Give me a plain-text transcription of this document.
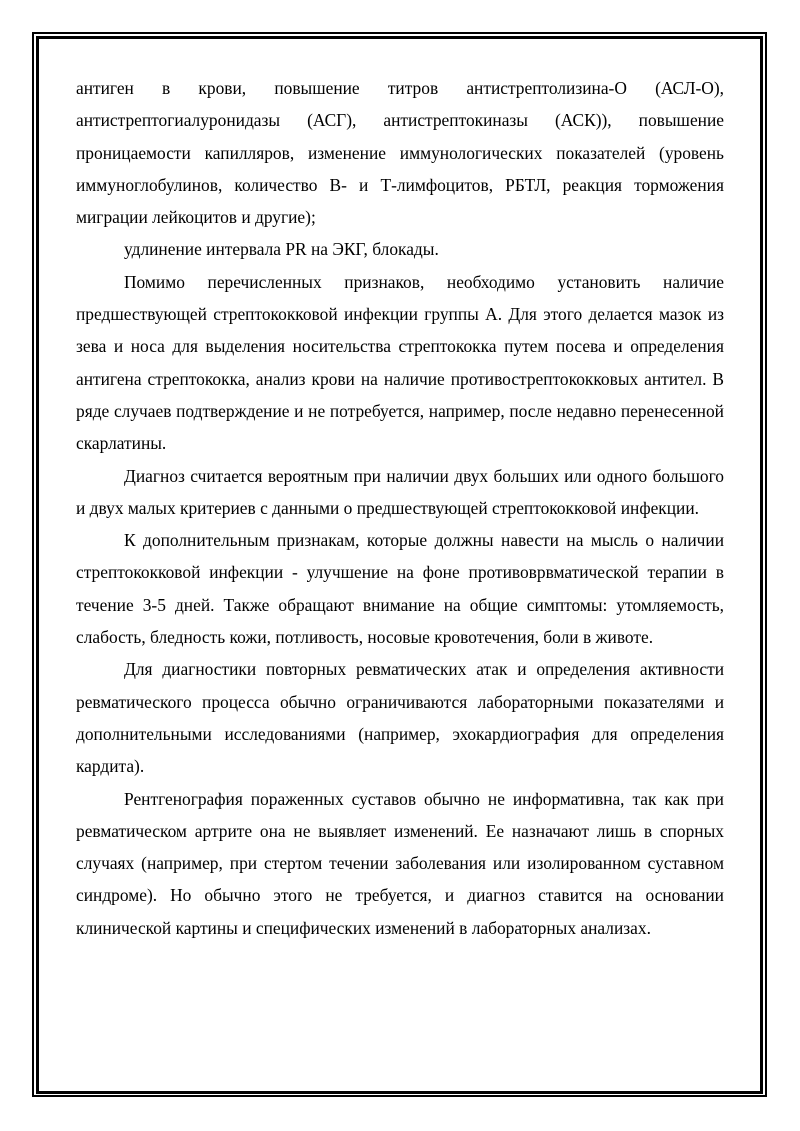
антиген в крови, повышение титров антистрептолизина-О (АСЛ-О), антистрептогиалуронидазы (АСГ), антистрептокиназы (АСК)), повышение проницаемости капилляров, изменение иммунологических показателей (уровень иммуноглобулинов, количество В- и Т-лимфоцитов, РБТЛ, реакция торможения миграции лейкоцитов и другие);

удлинение интервала PR на ЭКГ, блокады.

Помимо перечисленных признаков, необходимо установить наличие предшествующей стрептококковой инфекции группы А. Для этого делается мазок из зева и носа для выделения носительства стрептококка путем посева и определения антигена стрептококка, анализ крови на наличие противострептококковых антител. В ряде случаев подтверждение и не потребуется, например, после недавно перенесенной скарлатины.

Диагноз считается вероятным при наличии двух больших или одного большого и двух малых критериев с данными о предшествующей стрептококковой инфекции.

К дополнительным признакам, которые должны навести на мысль о наличии стрептококковой инфекции - улучшение на фоне противоврвматической терапии в течение 3-5 дней. Также обращают внимание на общие симптомы: утомляемость, слабость, бледность кожи, потливость, носовые кровотечения, боли в животе.

Для диагностики повторных ревматических атак и определения активности ревматического процесса обычно ограничиваются лабораторными показателями и дополнительными исследованиями (например, эхокардиография для определения кардита).

Рентгенография пораженных суставов обычно не информативна, так как при ревматическом артрите она не выявляет изменений. Ее назначают лишь в спорных случаях (например, при стертом течении заболевания или изолированном суставном синдроме). Но обычно этого не требуется, и диагноз ставится на основании клинической картины и специфических изменений в лабораторных анализах.
